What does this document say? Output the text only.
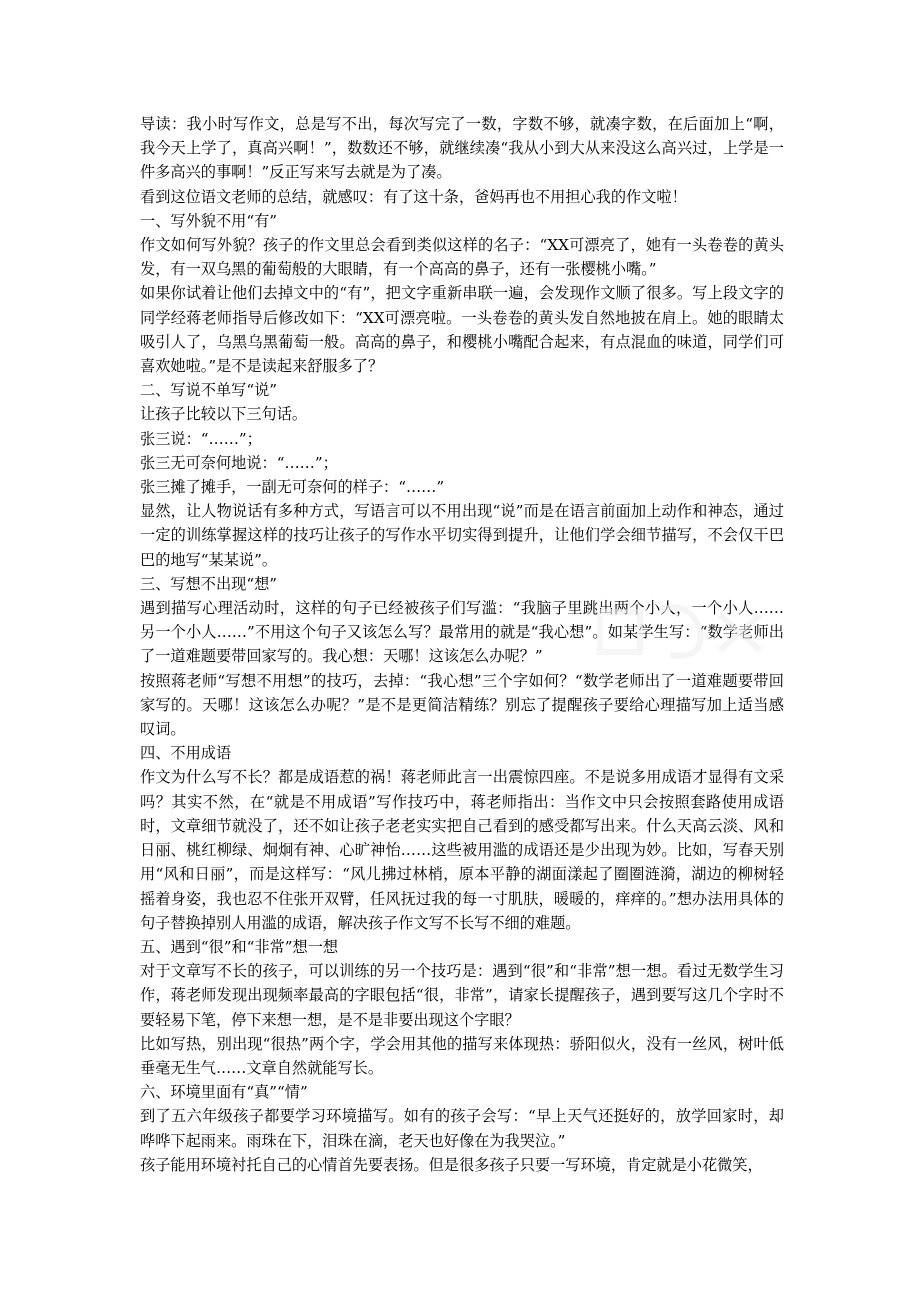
导读：我小时写作文，总是写不出，每次写完了一数，字数不够，就凑字数，在后面加上“啊，我今天上学了，真高兴啊！”，数数还不够，就继续凑“我从小到大从来没这么高兴过，上学是一件多高兴的事啊！”反正写来写去就是为了凑。

看到这位语文老师的总结，就感叹：有了这十条，爸妈再也不用担心我的作文啦！

一、写外貌不用“有”

作文如何写外貌？孩子的作文里总会看到类似这样的名子：“XX可漂亮了，她有一头卷卷的黄头发，有一双乌黑的葡萄般的大眼睛，有一个高高的鼻子，还有一张樱桃小嘴。”

如果你试着让他们去掉文中的“有”，把文字重新串联一遍，会发现作文顺了很多。写上段文字的同学经蒋老师指导后修改如下：“XX可漂亮啦。一头卷卷的黄头发自然地披在肩上。她的眼睛太吸引人了，乌黑乌黑葡萄一般。高高的鼻子，和樱桃小嘴配合起来，有点混血的味道，同学们可喜欢她啦。”是不是读起来舒服多了？

二、写说不单写“说”

让孩子比较以下三句话。

张三说：“……”；

张三无可奈何地说：“……”；

张三摊了摊手，一副无可奈何的样子：“……”

显然，让人物说话有多种方式，写语言可以不用出现“说”而是在语言前面加上动作和神态，通过一定的训练掌握这样的技巧让孩子的写作水平切实得到提升，让他们学会细节描写，不会仅干巴巴的地写“某某说”。

三、写想不出现“想”

遇到描写心理活动时，这样的句子已经被孩子们写滥：“我脑子里跳出两个小人，一个小人……另一个小人……”不用这个句子又该怎么写？最常用的就是“我心想”。如某学生写：“数学老师出了一道难题要带回家写的。我心想：天哪！这该怎么办呢？”

按照蒋老师“写想不用想”的技巧，去掉：“我心想”三个字如何？“数学老师出了一道难题要带回家写的。天哪！这该怎么办呢？”是不是更简洁精练？别忘了提醒孩子要给心理描写加上适当感叹词。

四、不用成语

作文为什么写不长？都是成语惹的祸！蒋老师此言一出震惊四座。不是说多用成语才显得有文采吗？其实不然，在“就是不用成语”写作技巧中，蒋老师指出：当作文中只会按照套路使用成语时，文章细节就没了，还不如让孩子老老实实把自己看到的感受都写出来。什么天高云淡、风和日丽、桃红柳绿、炯炯有神、心旷神怡……这些被用滥的成语还是少出现为妙。比如，写春天别用“风和日丽”，而是这样写：“风儿拂过林梢，原本平静的湖面漾起了圈圈涟漪，湖边的柳树轻摇着身姿，我也忍不住张开双臂，任风抚过我的每一寸肌肤，暖暖的，痒痒的。”想办法用具体的句子替换掉别人用滥的成语，解决孩子作文写不长写不细的难题。

五、遇到“很”和“非常”想一想

对于文章写不长的孩子，可以训练的另一个技巧是：遇到“很”和“非常”想一想。看过无数学生习作，蒋老师发现出现频率最高的字眼包括“很，非常”，请家长提醒孩子，遇到要写这几个字时不要轻易下笔，停下来想一想，是不是非要出现这个字眼？

比如写热，别出现“很热”两个字，学会用其他的描写来体现热：骄阳似火，没有一丝风，树叶低垂毫无生气……文章自然就能写长。

六、环境里面有“真”“情”

到了五六年级孩子都要学习环境描写。如有的孩子会写：“早上天气还挺好的，放学回家时，却哗哗下起雨来。雨珠在下，泪珠在滴，老天也好像在为我哭泣。”

孩子能用环境衬托自己的心情首先要表扬。但是很多孩子只要一写环境，肯定就是小花微笑，
